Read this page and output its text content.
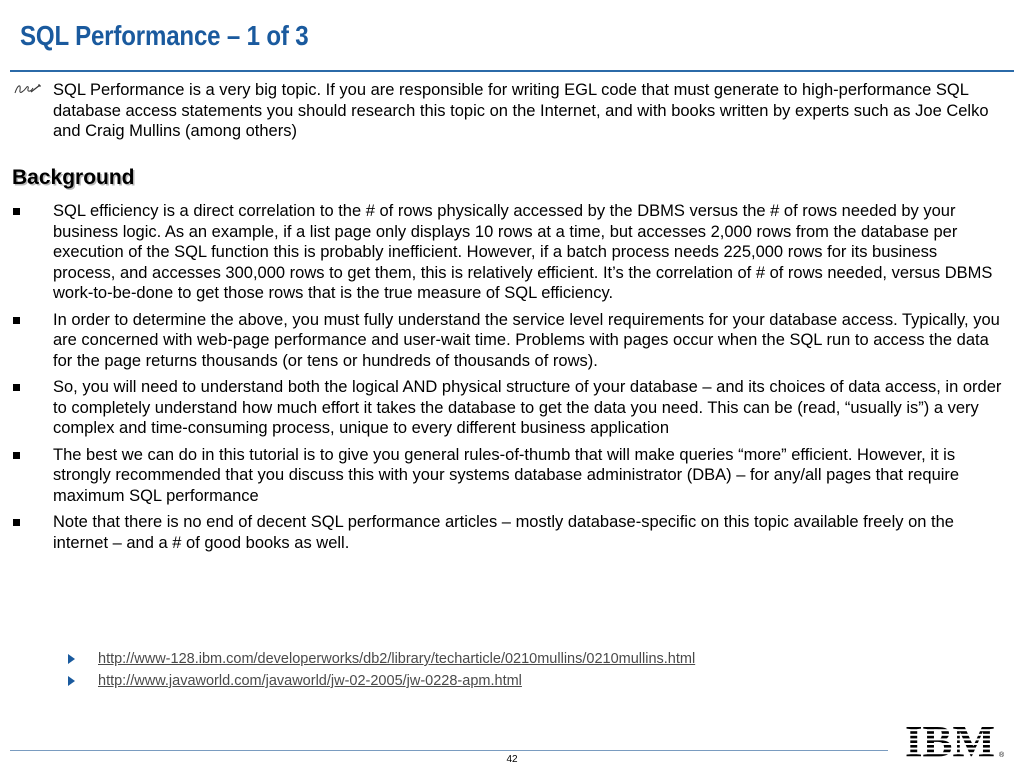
SQL Performance – 1 of 3
SQL Performance is a very big topic. If you are responsible for writing EGL code that must generate to high-performance SQL database access statements you should research this topic on the Internet, and with books written by experts such as Joe Celko and Craig Mullins (among others)
Background
SQL efficiency is a direct correlation to the # of rows physically accessed by the DBMS versus the # of rows needed by your business logic. As an example, if a list page only displays 10 rows at a time, but accesses 2,000 rows from the database per execution of the SQL function this is probably inefficient. However, if a batch process needs 225,000 rows for its business process, and accesses 300,000 rows to get them, this is relatively efficient. It’s the correlation of # of rows needed, versus DBMS work-to-be-done to get those rows that is the true measure of SQL efficiency.
In order to determine the above, you must fully understand the service level requirements for your database access. Typically, you are concerned with web-page performance and user-wait time. Problems with pages occur when the SQL run to access the data for the page returns thousands (or tens or hundreds of thousands of rows).
So, you will need to understand both the logical AND physical structure of your database – and its choices of data access, in order to completely understand how much effort it takes the database to get the data you need. This can be (read, “usually is”) a very complex and time-consuming process, unique to every different business application
The best we can do in this tutorial is to give you general rules-of-thumb that will make queries “more” efficient. However, it is strongly recommended that you discuss this with your systems database administrator (DBA) – for any/all pages that require maximum SQL performance
Note that there is no end of decent SQL performance articles – mostly database-specific on this topic available freely on the internet – and a # of good books as well.
http://www-128.ibm.com/developerworks/db2/library/techarticle/0210mullins/0210mullins.html
http://www.javaworld.com/javaworld/jw-02-2005/jw-0228-apm.html
42	®
